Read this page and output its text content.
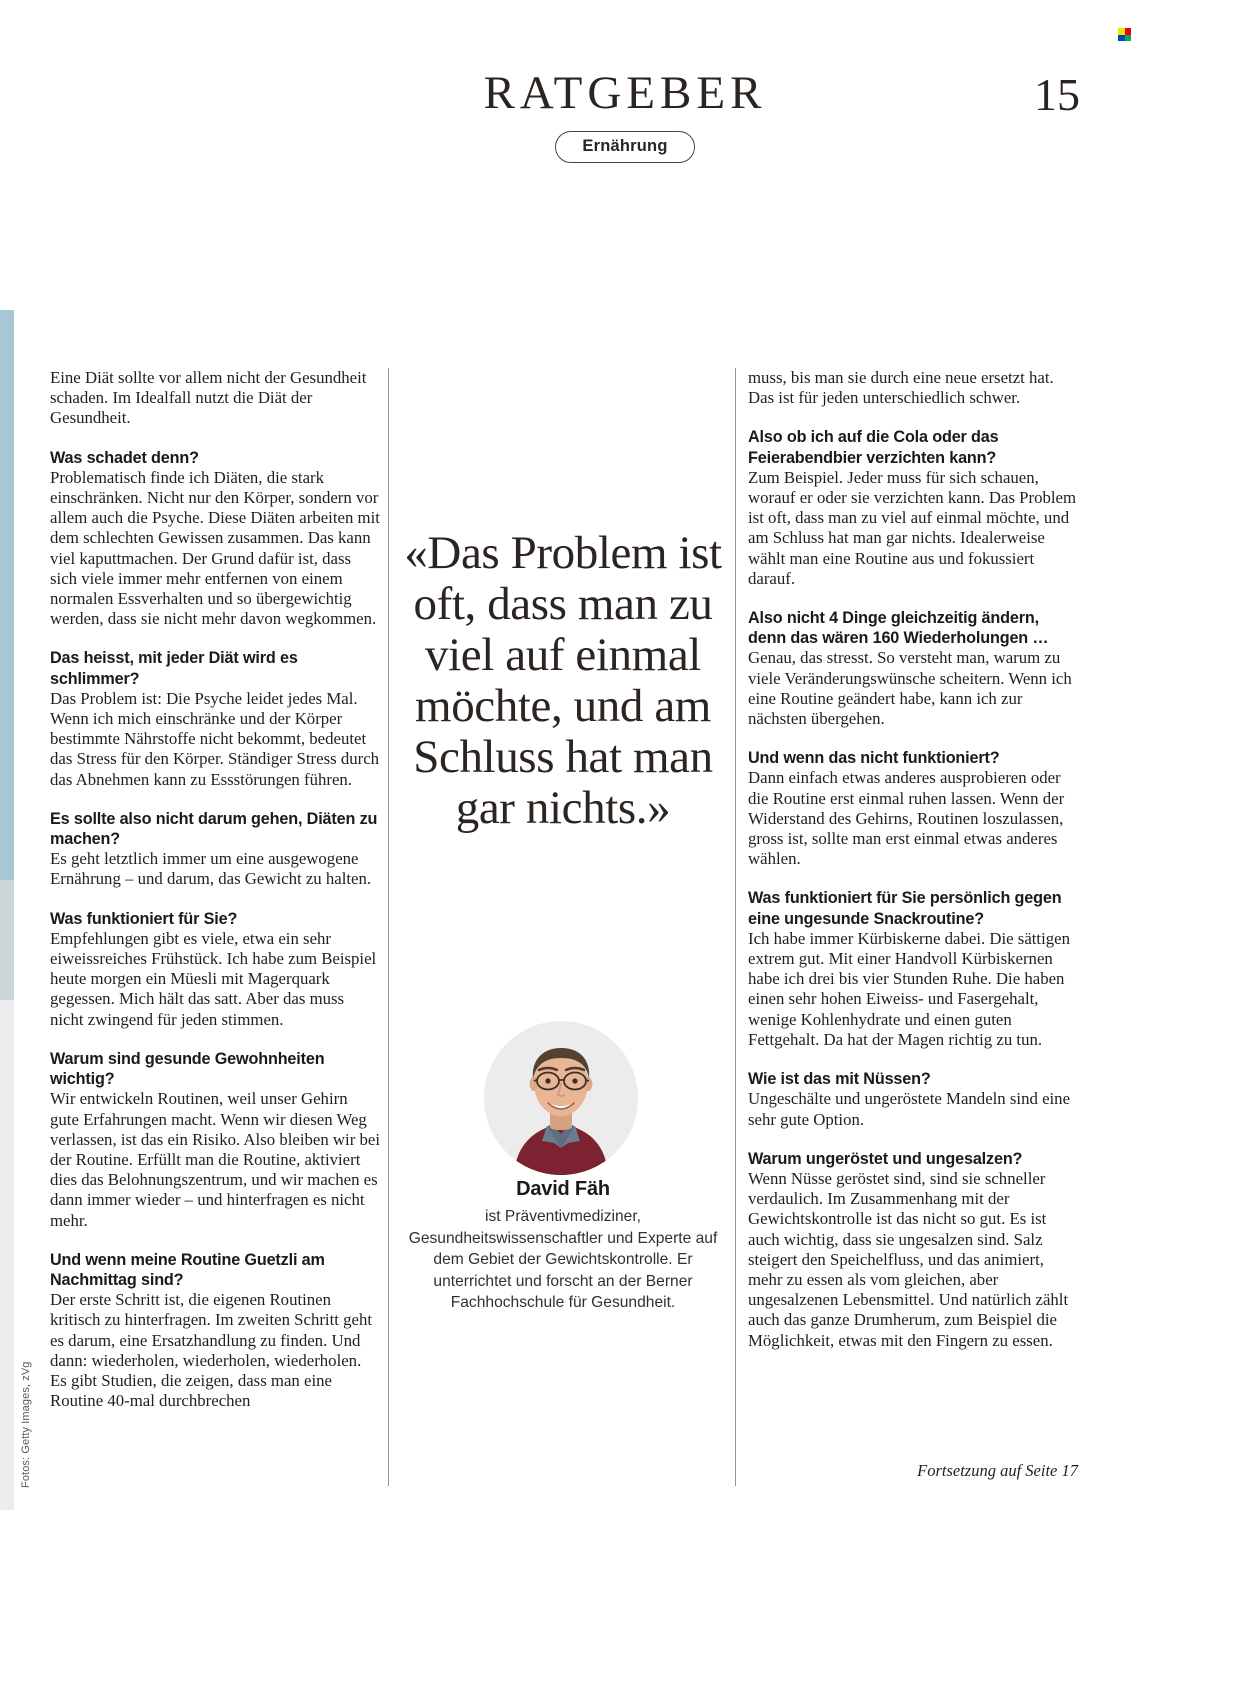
RATGEBER
Ernährung
15

Eine Diät sollte vor allem nicht der Gesundheit schaden. Im Idealfall nutzt die Diät der Gesundheit.

Was schadet denn?

Problematisch finde ich Diäten, die stark einschränken. Nicht nur den Körper, sondern vor allem auch die Psyche. Diese Diäten arbeiten mit dem schlechten Gewissen zusammen. Das kann viel kaputtmachen. Der Grund dafür ist, dass sich viele immer mehr entfernen von einem normalen Essverhalten und so übergewichtig werden, dass sie nicht mehr davon wegkommen.

Das heisst, mit jeder Diät wird es schlimmer?

Das Problem ist: Die Psyche leidet jedes Mal. Wenn ich mich einschränke und der Körper bestimmte Nährstoffe nicht bekommt, bedeutet das Stress für den Körper. Ständiger Stress durch das Abnehmen kann zu Essstörungen führen.

Es sollte also nicht darum gehen, Diäten zu machen?

Es geht letztlich immer um eine ausgewogene Ernährung – und darum, das Gewicht zu halten.

Was funktioniert für Sie?

Empfehlungen gibt es viele, etwa ein sehr eiweissreiches Frühstück. Ich habe zum Beispiel heute morgen ein Müesli mit Magerquark gegessen. Mich hält das satt. Aber das muss nicht zwingend für jeden stimmen.

Warum sind gesunde Gewohnheiten wichtig?

Wir entwickeln Routinen, weil unser Gehirn gute Erfahrungen macht. Wenn wir diesen Weg verlassen, ist das ein Risiko. Also bleiben wir bei der Routine. Erfüllt man die Routine, aktiviert dies das Belohnungszentrum, und wir machen es dann immer wieder – und hinterfragen es nicht mehr.

Und wenn meine Routine Guetzli am Nachmittag sind?

Der erste Schritt ist, die eigenen Routinen kritisch zu hinterfragen. Im zweiten Schritt geht es darum, eine Ersatzhandlung zu finden. Und dann: wiederholen, wiederholen, wiederholen. Es gibt Studien, die zeigen, dass man eine Routine 40-mal durchbrechen

«Das Problem ist oft, dass man zu viel auf einmal möchte, und am Schluss hat man gar nichts.»
David Fäh
ist Präventivmediziner, Gesundheitswissenschaftler und Experte auf dem Gebiet der Gewichtskontrolle. Er unterrichtet und forscht an der Berner Fachhochschule für Gesundheit.

muss, bis man sie durch eine neue ersetzt hat. Das ist für jeden unterschiedlich schwer.

Also ob ich auf die Cola oder das Feierabendbier verzichten kann?

Zum Beispiel. Jeder muss für sich schauen, worauf er oder sie verzichten kann. Das Problem ist oft, dass man zu viel auf einmal möchte, und am Schluss hat man gar nichts. Idealerweise wählt man eine Routine aus und fokussiert darauf.

Also nicht 4 Dinge gleichzeitig ändern, denn das wären 160 Wiederholungen …

Genau, das stresst. So versteht man, warum zu viele Veränderungswünsche scheitern. Wenn ich eine Routine geändert habe, kann ich zur nächsten übergehen.

Und wenn das nicht funktioniert?

Dann einfach etwas anderes ausprobieren oder die Routine erst einmal ruhen lassen. Wenn der Widerstand des Gehirns, Routinen loszulassen, gross ist, sollte man erst einmal etwas anderes wählen.

Was funktioniert für Sie persönlich gegen eine ungesunde Snackroutine?

Ich habe immer Kürbiskerne dabei. Die sättigen extrem gut. Mit einer Handvoll Kürbiskernen habe ich drei bis vier Stunden Ruhe. Die haben einen sehr hohen Eiweiss- und Fasergehalt, wenige Kohlenhydrate und einen guten Fettgehalt. Da hat der Magen richtig zu tun.

Wie ist das mit Nüssen?

Ungeschälte und ungeröstete Mandeln sind eine sehr gute Option.

Warum ungeröstet und ungesalzen?

Wenn Nüsse geröstet sind, sind sie schneller verdaulich. Im Zusammenhang mit der Gewichtskontrolle ist das nicht so gut. Es ist auch wichtig, dass sie ungesalzen sind. Salz steigert den Speichelfluss, und das animiert, mehr zu essen als vom gleichen, aber ungesalzenen Lebensmittel. Und natürlich zählt auch das ganze Drumherum, zum Beispiel die Möglichkeit, etwas mit den Fingern zu essen.

Fortsetzung auf Seite 17
Fotos: Getty Images, zVg
